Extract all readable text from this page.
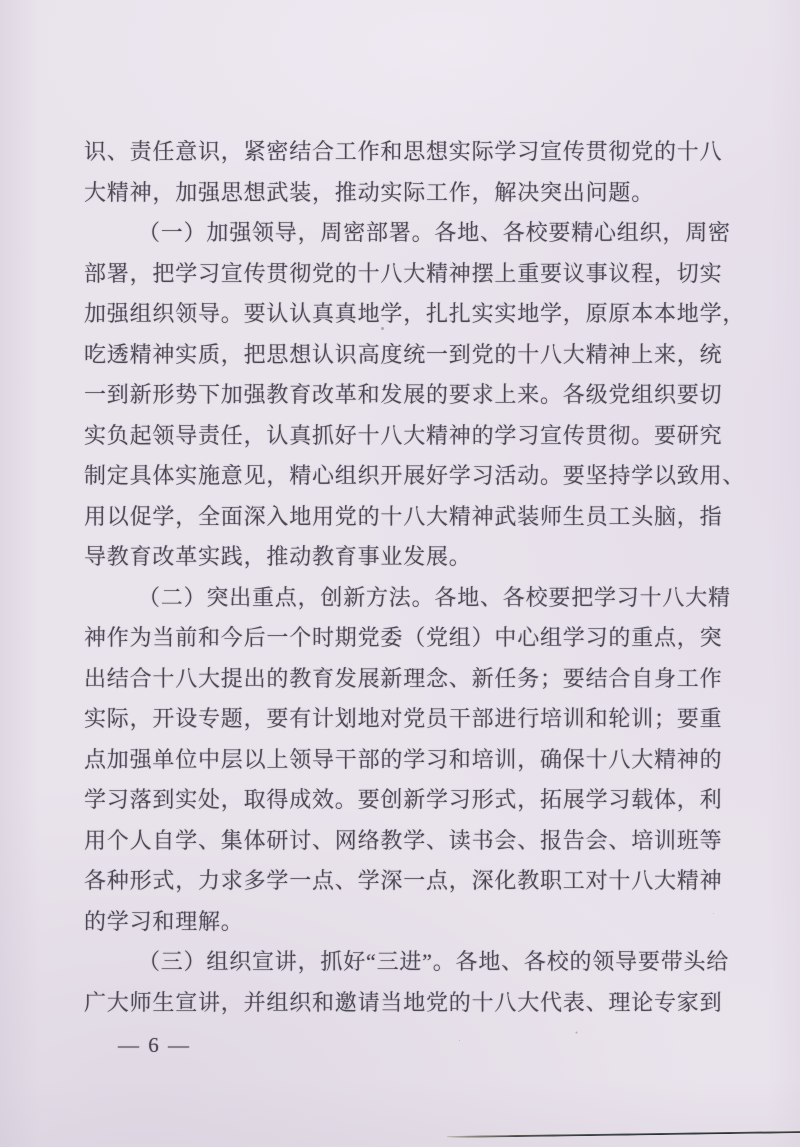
识、责任意识，紧密结合工作和思想实际学习宣传贯彻党的十八
大精神，加强思想武装，推动实际工作，解决突出问题。
（一）加强领导，周密部署。各地、各校要精心组织，周密
部署，把学习宣传贯彻党的十八大精神摆上重要议事议程，切实
加强组织领导。要认认真真地学，扎扎实实地学，原原本本地学，
吃透精神实质，把思想认识高度统一到党的十八大精神上来，统
一到新形势下加强教育改革和发展的要求上来。各级党组织要切
实负起领导责任，认真抓好十八大精神的学习宣传贯彻。要研究
制定具体实施意见，精心组织开展好学习活动。要坚持学以致用、
用以促学，全面深入地用党的十八大精神武装师生员工头脑，指
导教育改革实践，推动教育事业发展。
（二）突出重点，创新方法。各地、各校要把学习十八大精
神作为当前和今后一个时期党委（党组）中心组学习的重点，突
出结合十八大提出的教育发展新理念、新任务；要结合自身工作
实际，开设专题，要有计划地对党员干部进行培训和轮训；要重
点加强单位中层以上领导干部的学习和培训，确保十八大精神的
学习落到实处，取得成效。要创新学习形式，拓展学习载体，利
用个人自学、集体研讨、网络教学、读书会、报告会、培训班等
各种形式，力求多学一点、学深一点，深化教职工对十八大精神
的学习和理解。
（三）组织宣讲，抓好“三进”。各地、各校的领导要带头给
广大师生宣讲，并组织和邀请当地党的十八大代表、理论专家到
— 6 —
